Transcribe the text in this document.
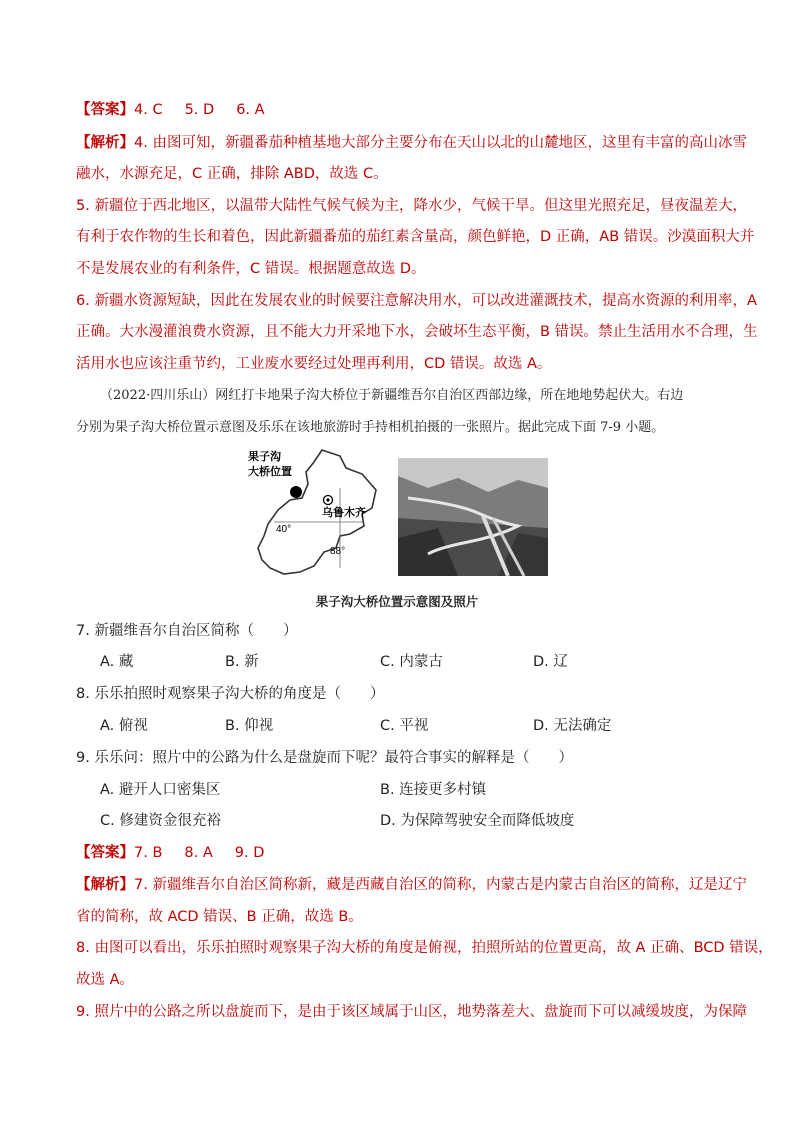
【答案】4. C 5. D 6. A
【解析】4. 由图可知，新疆番茄种植基地大部分主要分布在天山以北的山麓地区，这里有丰富的高山冰雪
融水，水源充足，C 正确，排除 ABD，故选 C。
5. 新疆位于西北地区，以温带大陆性气候气候为主，降水少，气候干旱。但这里光照充足，昼夜温差大，
有利于农作物的生长和着色，因此新疆番茄的茄红素含量高，颜色鲜艳，D 正确，AB 错误。沙漠面积大并
不是发展农业的有利条件，C 错误。根据题意故选 D。
6. 新疆水资源短缺，因此在发展农业的时候要注意解决用水，可以改进灌溉技术，提高水资源的利用率，A
正确。大水漫灌浪费水资源，且不能大力开采地下水，会破坏生态平衡，B 错误。禁止生活用水不合理，生
活用水也应该注重节约，工业废水要经过处理再利用，CD 错误。故选 A。
（2022·四川乐山）网红打卡地果子沟大桥位于新疆维吾尔自治区西部边缘，所在地地势起伏大。右边
分别为果子沟大桥位置示意图及乐乐在该地旅游时手持相机拍摄的一张照片。据此完成下面 7-9 小题。
果子沟
大桥位置
乌鲁木齐
40°
88°
果子沟大桥位置示意图及照片
7. 新疆维吾尔自治区简称（　　）
A. 藏	B. 新	C. 内蒙古	D. 辽
8. 乐乐拍照时观察果子沟大桥的角度是（　　）
A. 俯视	B. 仰视	C. 平视	D. 无法确定
9. 乐乐问：照片中的公路为什么是盘旋而下呢？最符合事实的解释是（　　）
A. 避开人口密集区	B. 连接更多村镇
C. 修建资金很充裕	D. 为保障驾驶安全而降低坡度
【答案】7. B 8. A 9. D
【解析】7. 新疆维吾尔自治区简称新，藏是西藏自治区的简称，内蒙古是内蒙古自治区的简称，辽是辽宁
省的简称，故 ACD 错误、B 正确，故选 B。
8. 由图可以看出，乐乐拍照时观察果子沟大桥的角度是俯视，拍照所站的位置更高，故 A 正确、BCD 错误，
故选 A。
9. 照片中的公路之所以盘旋而下，是由于该区域属于山区，地势落差大、盘旋而下可以减缓坡度，为保障
